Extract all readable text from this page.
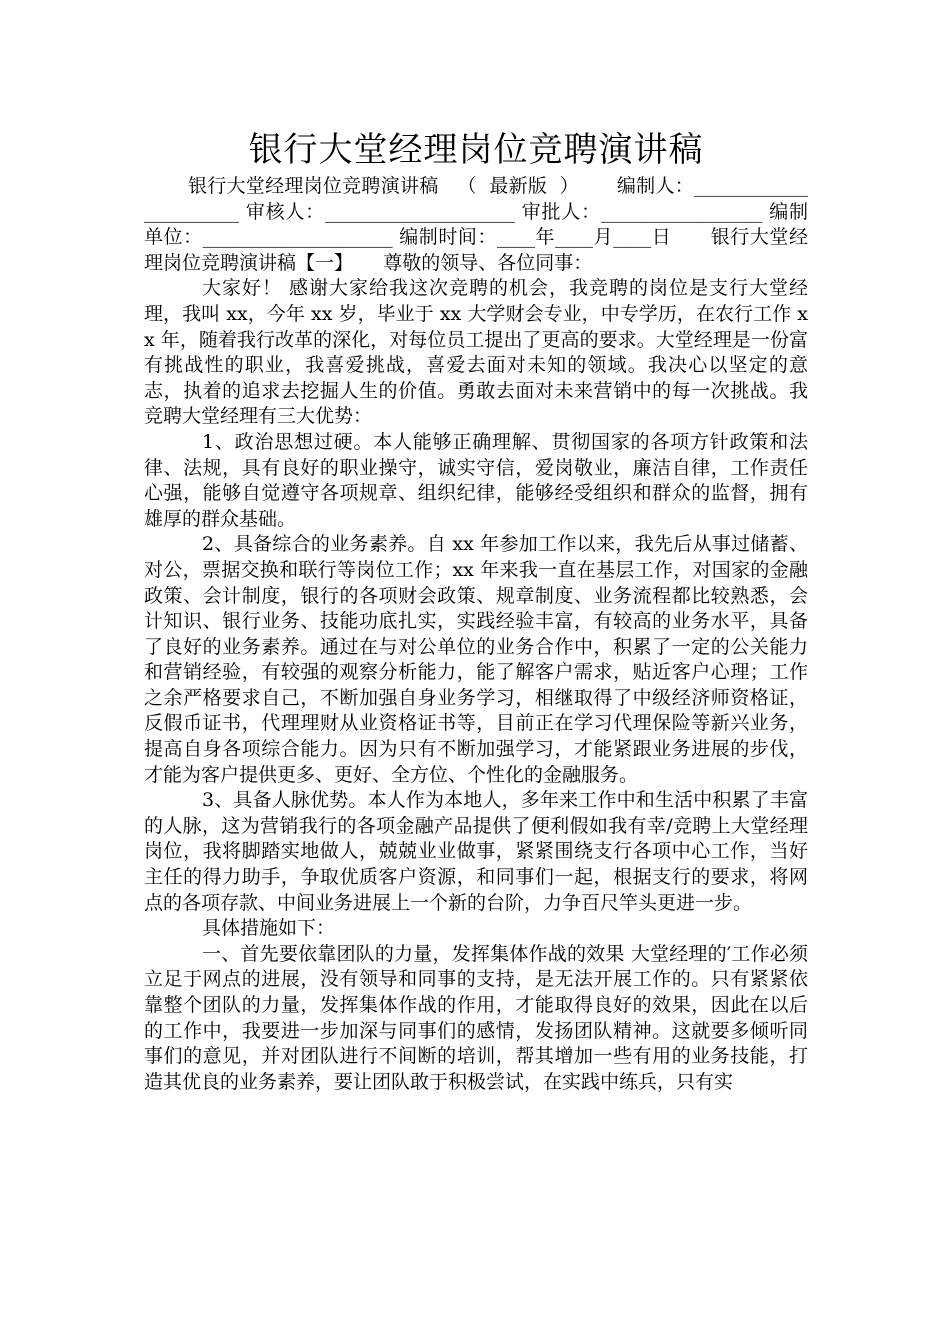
银行大堂经理岗位竞聘演讲稿

银行大堂经理岗位竞聘演讲稿   （  最新版  ）      编制人：______________________ 审核人：____________________ 审批人：_________________ 编制单位：____________________ 编制时间：____年____月____日      银行大堂经理岗位竞聘演讲稿【一】     尊敬的领导、各位同事：

大家好！ 感谢大家给我这次竞聘的机会，我竞聘的岗位是支行大堂经理，我叫 xx，今年 xx 岁，毕业于 xx 大学财会专业，中专学历，在农行工作 xx 年，随着我行改革的深化，对每位员工提出了更高的要求。大堂经理是一份富有挑战性的职业，我喜爱挑战，喜爱去面对未知的领域。我决心以坚定的意志，执着的追求去挖掘人生的价值。勇敢去面对未来营销中的每一次挑战。我竞聘大堂经理有三大优势：

1、政治思想过硬。本人能够正确理解、贯彻国家的各项方针政策和法律、法规，具有良好的职业操守，诚实守信，爱岗敬业，廉洁自律，工作责任心强，能够自觉遵守各项规章、组织纪律，能够经受组织和群众的监督，拥有雄厚的群众基础。

2、具备综合的业务素养。自 xx 年参加工作以来，我先后从事过储蓄、对公，票据交换和联行等岗位工作；xx 年来我一直在基层工作，对国家的金融政策、会计制度，银行的各项财会政策、规章制度、业务流程都比较熟悉，会计知识、银行业务、技能功底扎实，实践经验丰富，有较高的业务水平，具备了良好的业务素养。通过在与对公单位的业务合作中，积累了一定的公关能力和营销经验，有较强的观察分析能力，能了解客户需求，贴近客户心理；工作之余严格要求自己，不断加强自身业务学习，相继取得了中级经济师资格证，反假币证书，代理理财从业资格证书等，目前正在学习代理保险等新兴业务，提高自身各项综合能力。因为只有不断加强学习，才能紧跟业务进展的步伐，才能为客户提供更多、更好、全方位、个性化的金融服务。

3、具备人脉优势。本人作为本地人，多年来工作中和生活中积累了丰富的人脉，这为营销我行的各项金融产品提供了便利假如我有幸/竞聘上大堂经理岗位，我将脚踏实地做人，兢兢业业做事，紧紧围绕支行各项中心工作，当好主任的得力助手，争取优质客户资源，和同事们一起，根据支行的要求，将网点的各项存款、中间业务进展上一个新的台阶，力争百尺竿头更进一步。

具体措施如下：

一、首先要依靠团队的力量，发挥集体作战的效果 大堂经理的′工作必须立足于网点的进展，没有领导和同事的支持，是无法开展工作的。只有紧紧依靠整个团队的力量，发挥集体作战的作用，才能取得良好的效果，因此在以后的工作中，我要进一步加深与同事们的感情，发扬团队精神。这就要多倾听同事们的意见，并对团队进行不间断的培训，帮其增加一些有用的业务技能，打造其优良的业务素养，要让团队敢于积极尝试，在实践中练兵，只有实
